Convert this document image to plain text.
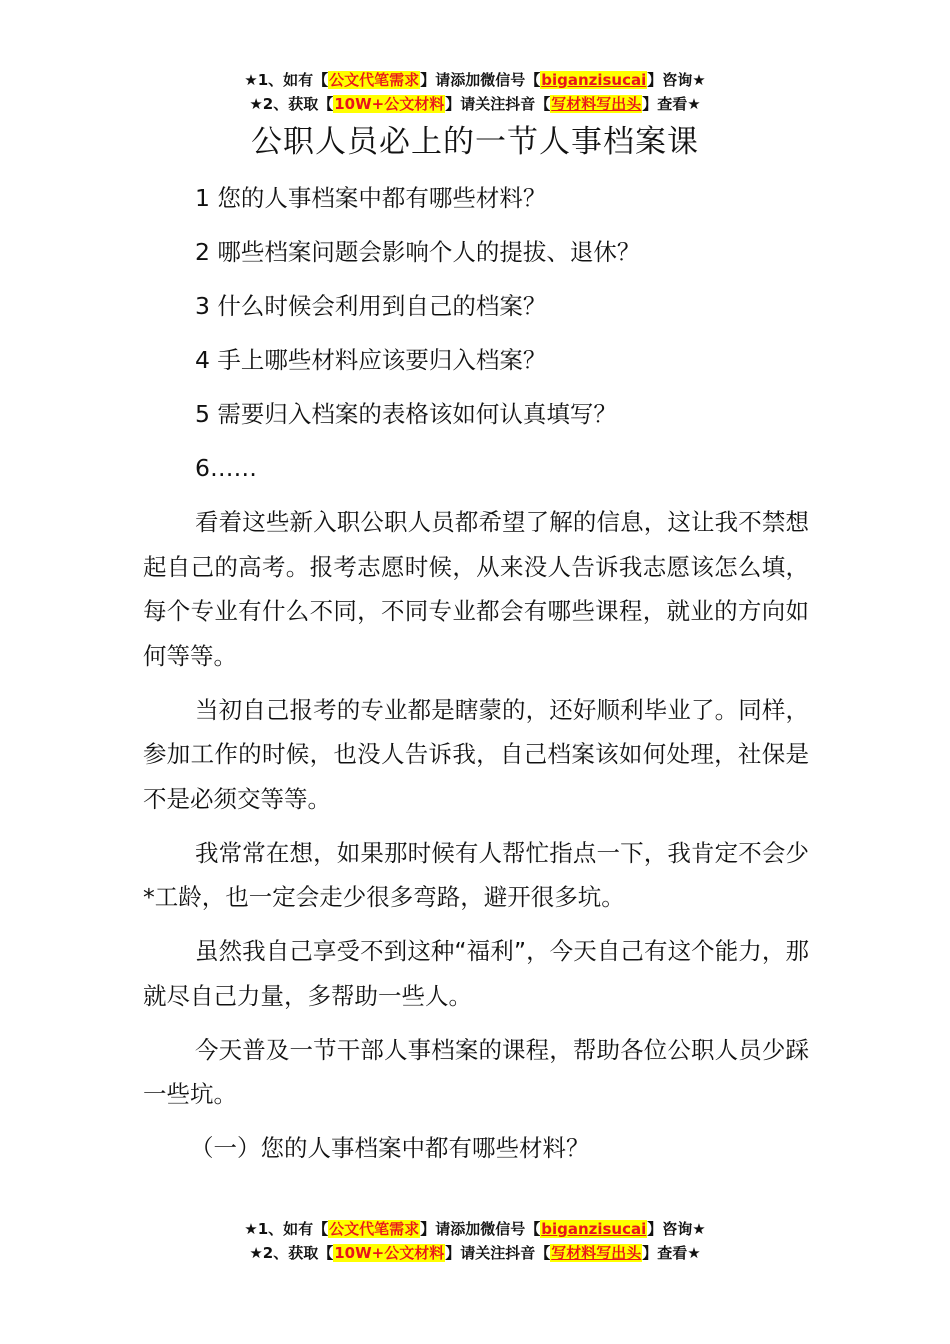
★1、如有【公文代笔需求】请添加微信号【biganzisucai】咨询★
★2、获取【10W+公文材料】请关注抖音【写材料写出头】查看★
公职人员必上的一节人事档案课

1 您的人事档案中都有哪些材料？

2 哪些档案问题会影响个人的提拔、退休？

3 什么时候会利用到自己的档案？

4 手上哪些材料应该要归入档案？

5 需要归入档案的表格该如何认真填写？

6……

看着这些新入职公职人员都希望了解的信息，这让我不禁想起自己的高考。报考志愿时候，从来没人告诉我志愿该怎么填，每个专业有什么不同，不同专业都会有哪些课程，就业的方向如何等等。

当初自己报考的专业都是瞎蒙的，还好顺利毕业了。同样，参加工作的时候，也没人告诉我，自己档案该如何处理，社保是不是必须交等等。

我常常在想，如果那时候有人帮忙指点一下，我肯定不会少*工龄，也一定会走少很多弯路，避开很多坑。

虽然我自己享受不到这种“福利”，今天自己有这个能力，那就尽自己力量，多帮助一些人。

今天普及一节干部人事档案的课程，帮助各位公职人员少踩一些坑。

（一）您的人事档案中都有哪些材料？

★1、如有【公文代笔需求】请添加微信号【biganzisucai】咨询★
★2、获取【10W+公文材料】请关注抖音【写材料写出头】查看★
